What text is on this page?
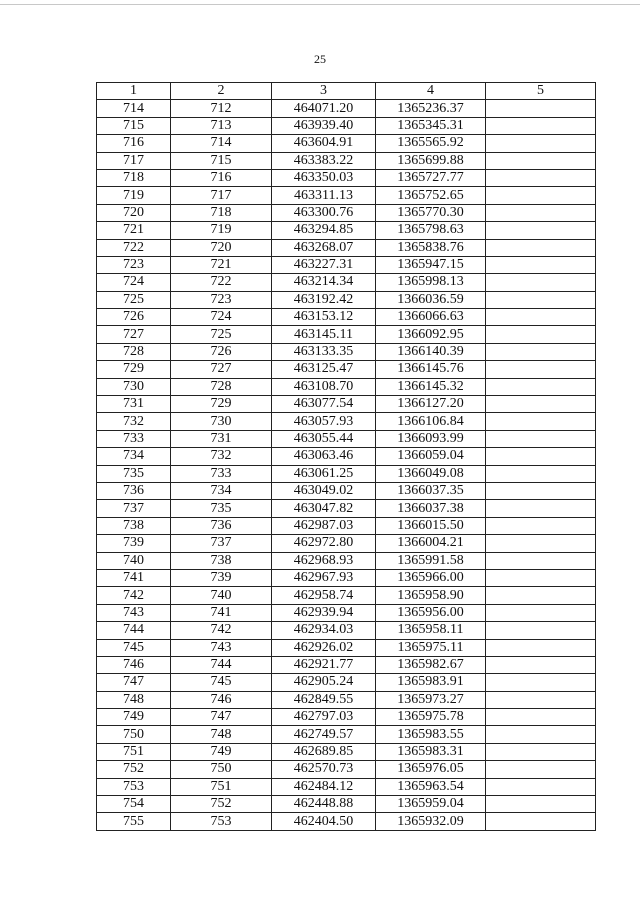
25
1	2	3	4	5
714	712	464071.20	1365236.37	
715	713	463939.40	1365345.31	
716	714	463604.91	1365565.92	
717	715	463383.22	1365699.88	
718	716	463350.03	1365727.77	
719	717	463311.13	1365752.65	
720	718	463300.76	1365770.30	
721	719	463294.85	1365798.63	
722	720	463268.07	1365838.76	
723	721	463227.31	1365947.15	
724	722	463214.34	1365998.13	
725	723	463192.42	1366036.59	
726	724	463153.12	1366066.63	
727	725	463145.11	1366092.95	
728	726	463133.35	1366140.39	
729	727	463125.47	1366145.76	
730	728	463108.70	1366145.32	
731	729	463077.54	1366127.20	
732	730	463057.93	1366106.84	
733	731	463055.44	1366093.99	
734	732	463063.46	1366059.04	
735	733	463061.25	1366049.08	
736	734	463049.02	1366037.35	
737	735	463047.82	1366037.38	
738	736	462987.03	1366015.50	
739	737	462972.80	1366004.21	
740	738	462968.93	1365991.58	
741	739	462967.93	1365966.00	
742	740	462958.74	1365958.90	
743	741	462939.94	1365956.00	
744	742	462934.03	1365958.11	
745	743	462926.02	1365975.11	
746	744	462921.77	1365982.67	
747	745	462905.24	1365983.91	
748	746	462849.55	1365973.27	
749	747	462797.03	1365975.78	
750	748	462749.57	1365983.55	
751	749	462689.85	1365983.31	
752	750	462570.73	1365976.05	
753	751	462484.12	1365963.54	
754	752	462448.88	1365959.04	
755	753	462404.50	1365932.09	
